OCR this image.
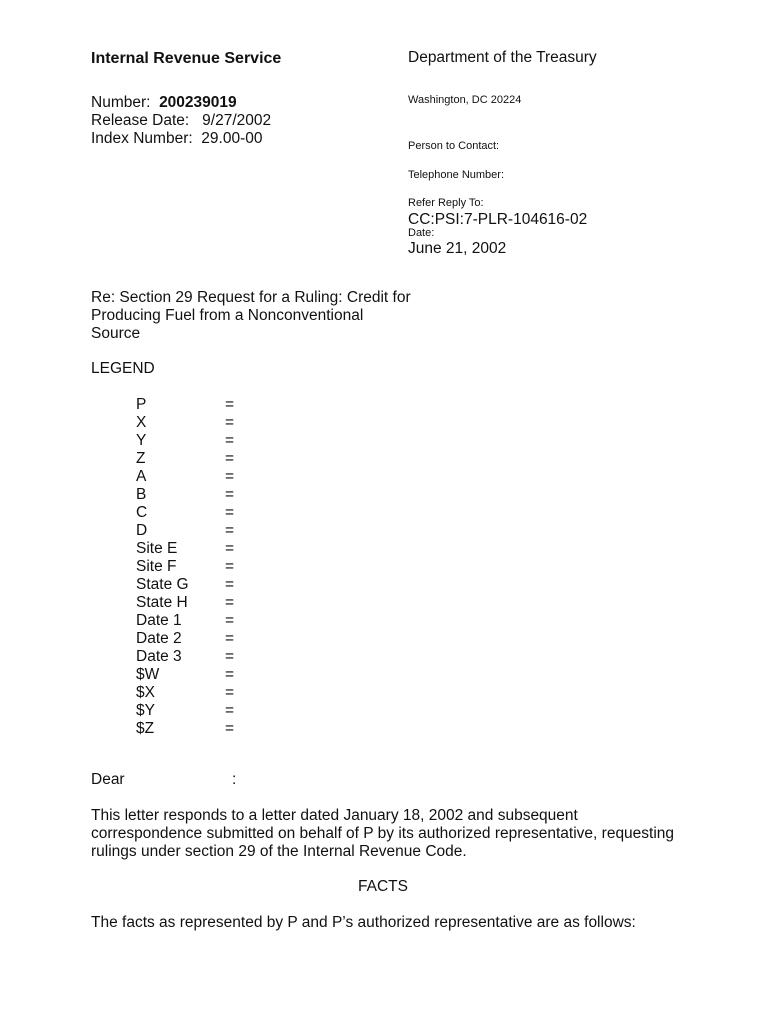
Internal Revenue Service
Number: 200239019
Release Date: 9/27/2002
Index Number: 29.00-00
Department of the Treasury
Washington, DC 20224
Person to Contact:
Telephone Number:
Refer Reply To:
CC:PSI:7-PLR-104616-02
Date:
June 21, 2002
Re: Section 29 Request for a Ruling: Credit for
Producing Fuel from a Nonconventional
Source
LEGEND
P	=
X	=
Y	=
Z	=
A	=
B	=
C	=
D	=
Site E	=
Site F	=
State G =
State H =
Date 1	=
Date 2	=
Date 3	=
$W	=
$X	=
$Y	=
$Z	=
Dear	:
This letter responds to a letter dated January 18, 2002 and subsequent
correspondence submitted on behalf of P by its authorized representative, requesting
rulings under section 29 of the Internal Revenue Code.
FACTS
The facts as represented by P and P’s authorized representative are as follows:
